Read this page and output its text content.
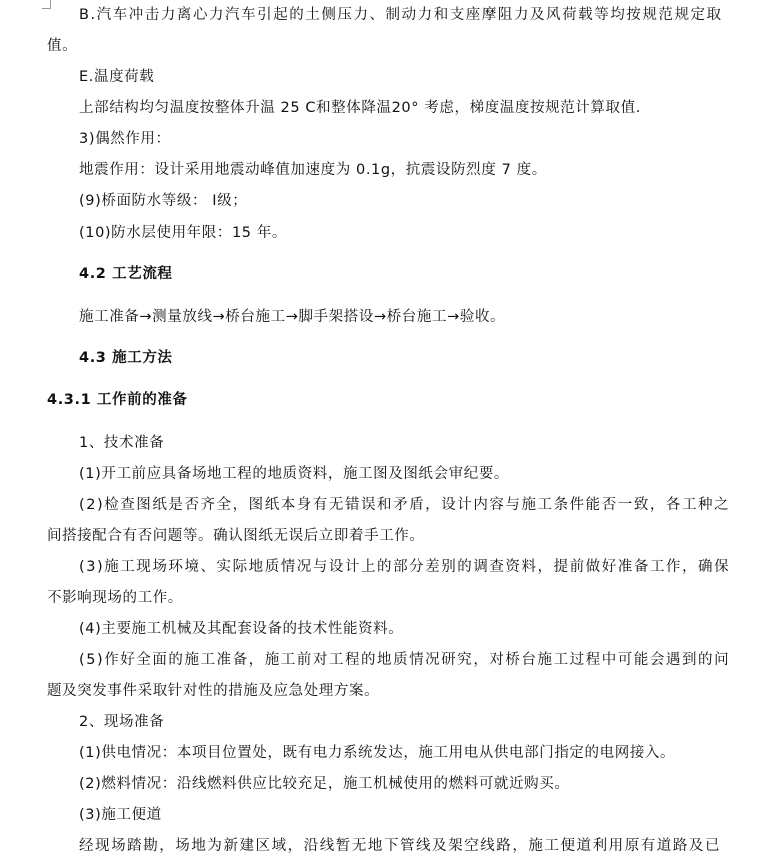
B.汽车冲击力离心力汽车引起的土侧压力、制动力和支座摩阻力及风荷载等均按规范规定取
值。
E.温度荷载
上部结构均匀温度按整体升温 25 C和整体降温20° 考虑，梯度温度按规范计算取值.
3)偶然作用：
地震作用：设计采用地震动峰值加速度为 0.1g，抗震设防烈度 7 度。
(9)桥面防水等级： Ⅰ级；
(10)防水层使用年限：15 年。
4.2 工艺流程
施工准备→测量放线→桥台施工→脚手架搭设→桥台施工→验收。
4.3 施工方法
4.3.1 工作前的准备
1、技术准备
(1)开工前应具备场地工程的地质资料，施工图及图纸会审纪要。
(2)检查图纸是否齐全，图纸本身有无错误和矛盾，设计内容与施工条件能否一致，各工种之
间搭接配合有否问题等。确认图纸无误后立即着手工作。
(3)施工现场环境、实际地质情况与设计上的部分差别的调查资料，提前做好准备工作，确保
不影响现场的工作。
(4)主要施工机械及其配套设备的技术性能资料。
(5)作好全面的施工准备，施工前对工程的地质情况研究，对桥台施工过程中可能会遇到的问
题及突发事件采取针对性的措施及应急处理方案。
2、现场准备
(1)供电情况：本项目位置处，既有电力系统发达，施工用电从供电部门指定的电网接入。
(2)燃料情况：沿线燃料供应比较充足，施工机械使用的燃料可就近购买。
(3)施工便道
经现场踏勘，场地为新建区域，沿线暂无地下管线及架空线路，施工便道利用原有道路及已
